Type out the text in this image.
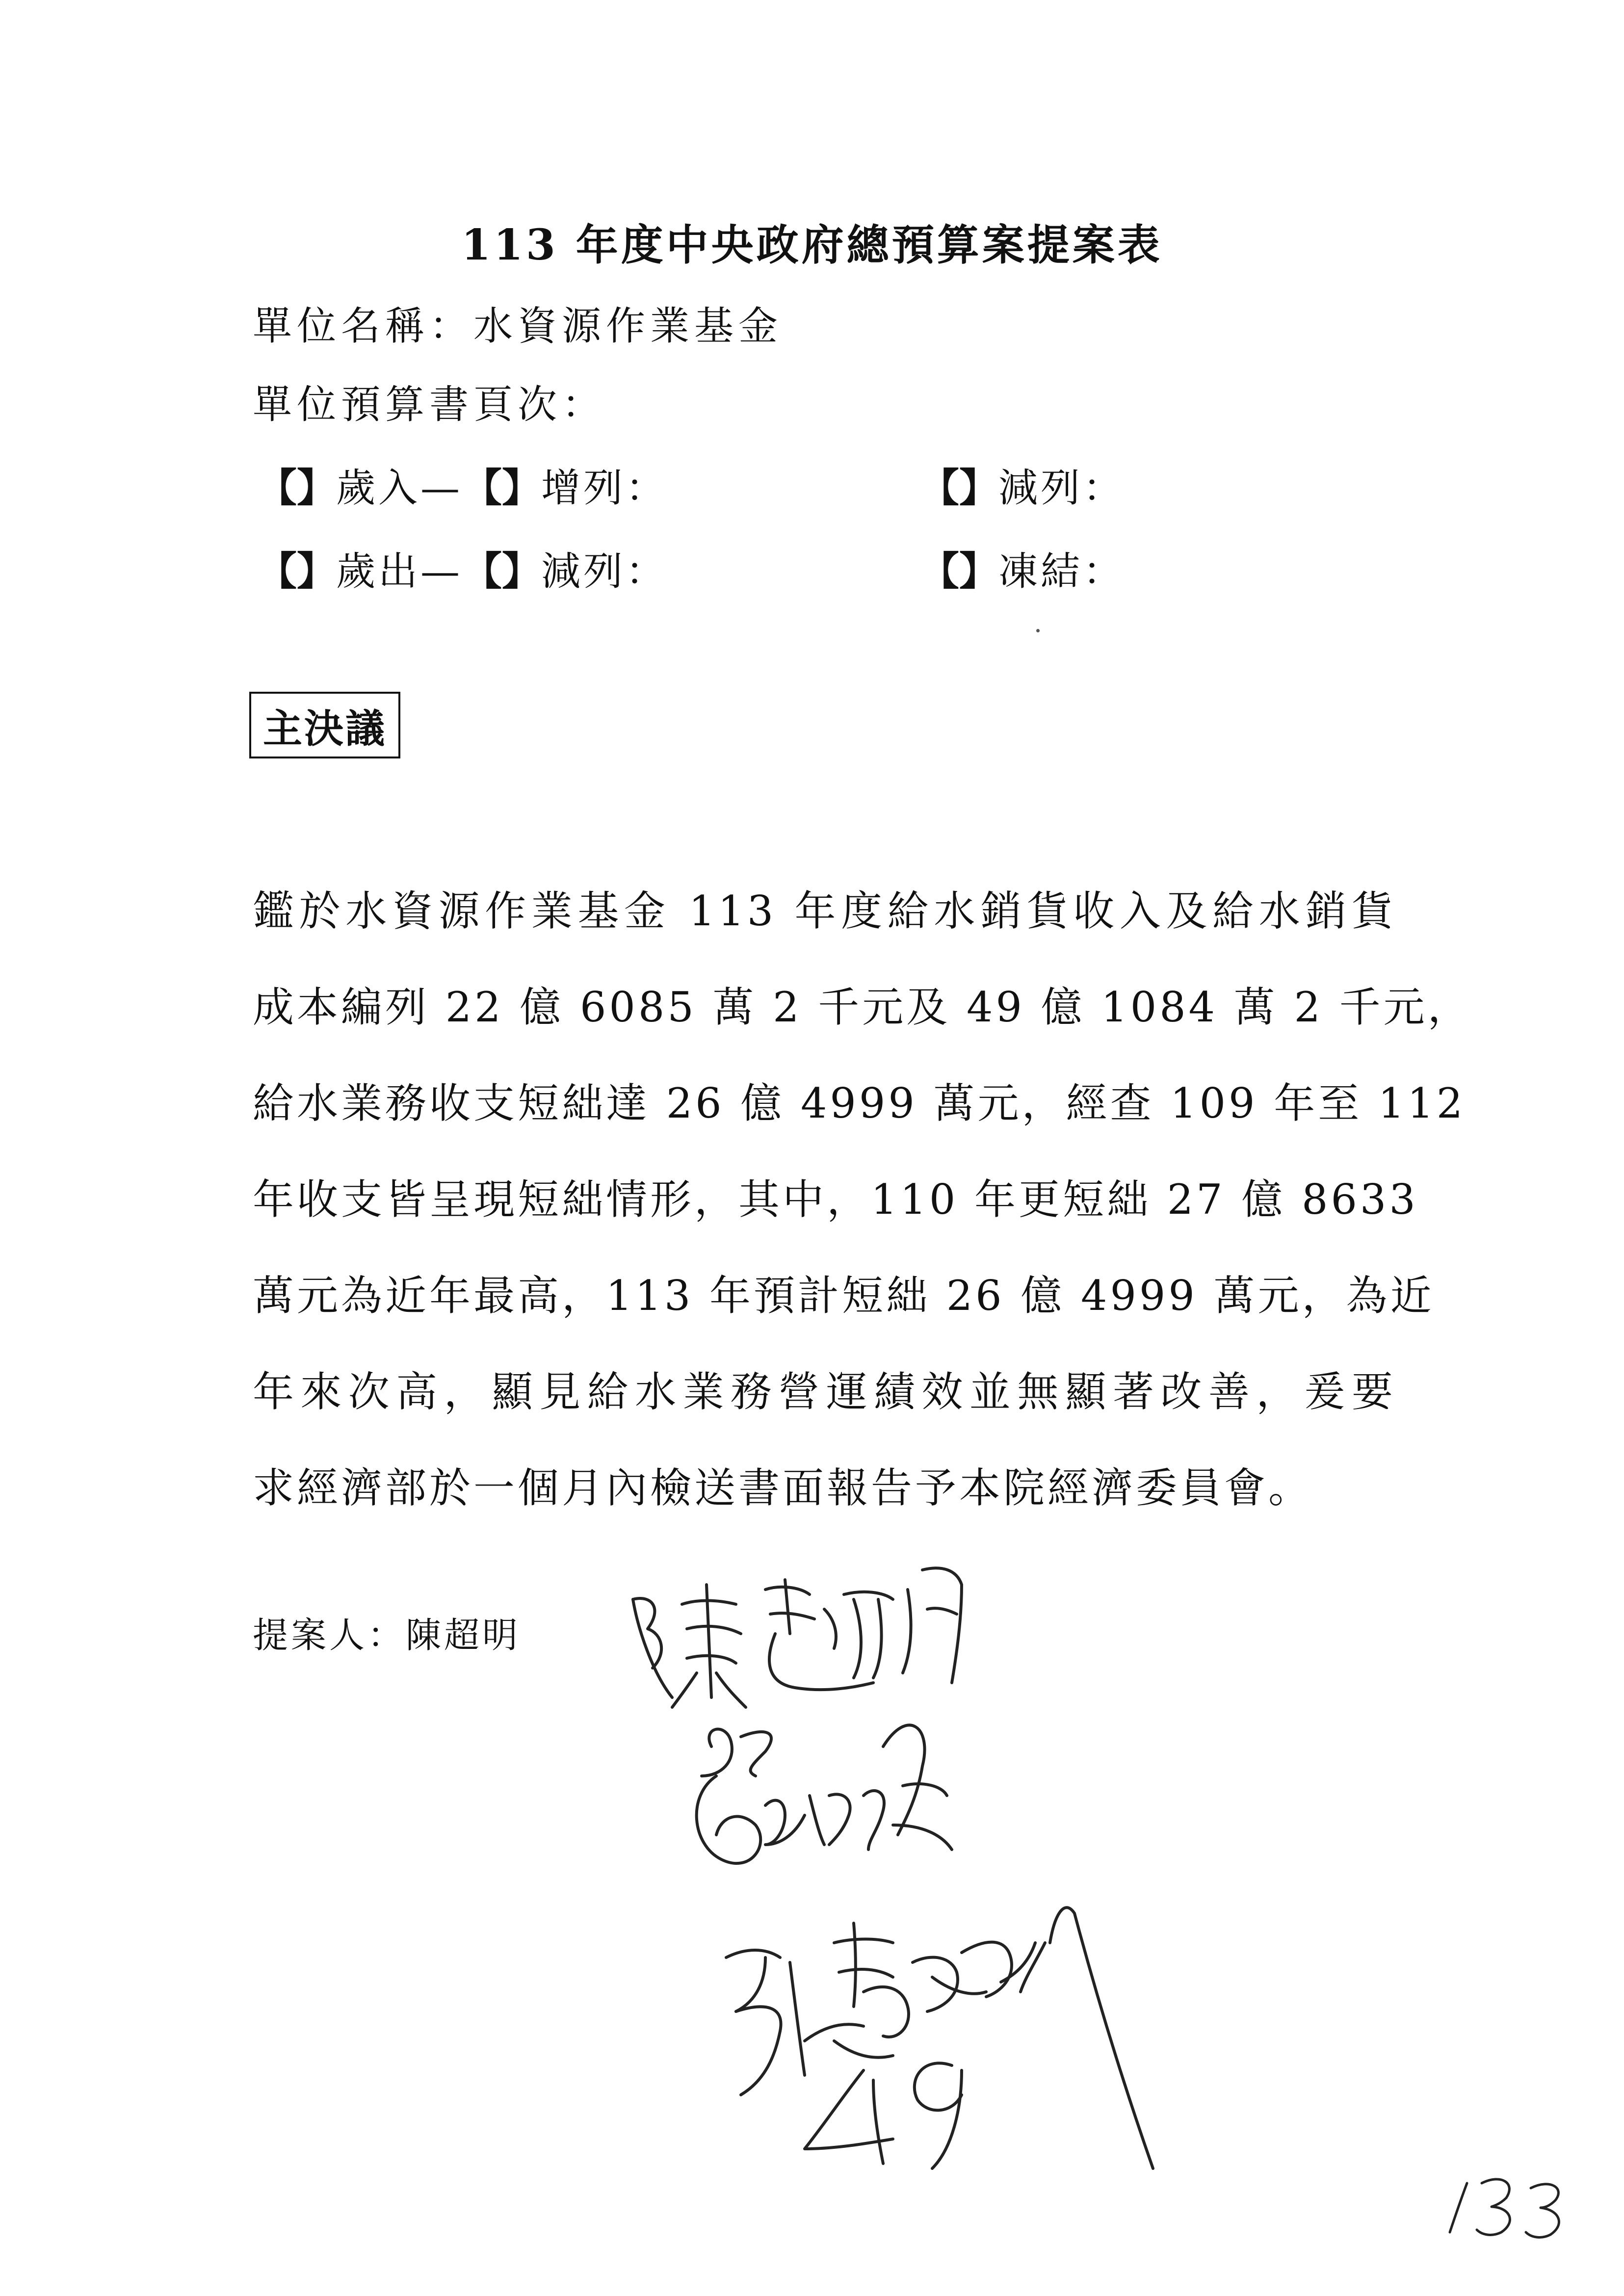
113 年度中央政府總預算案提案表
單位名稱：水資源作業基金
單位預算書頁次：
【】歲入—【】增列：	【】減列：
【】歲出—【】減列：	【】凍結：
主決議

鑑於水資源作業基金 113 年度給水銷貨收入及給水銷貨

成本編列 22 億 6085 萬 2 千元及 49 億 1084 萬 2 千元，

給水業務收支短絀達 26 億 4999 萬元，經查 109 年至 112

年收支皆呈現短絀情形，其中，110 年更短絀 27 億 8633

萬元為近年最高，113 年預計短絀 26 億 4999 萬元，為近

年來次高，顯見給水業務營運績效並無顯著改善，爰要

求經濟部於一個月內檢送書面報告予本院經濟委員會。

提案人：陳超明
